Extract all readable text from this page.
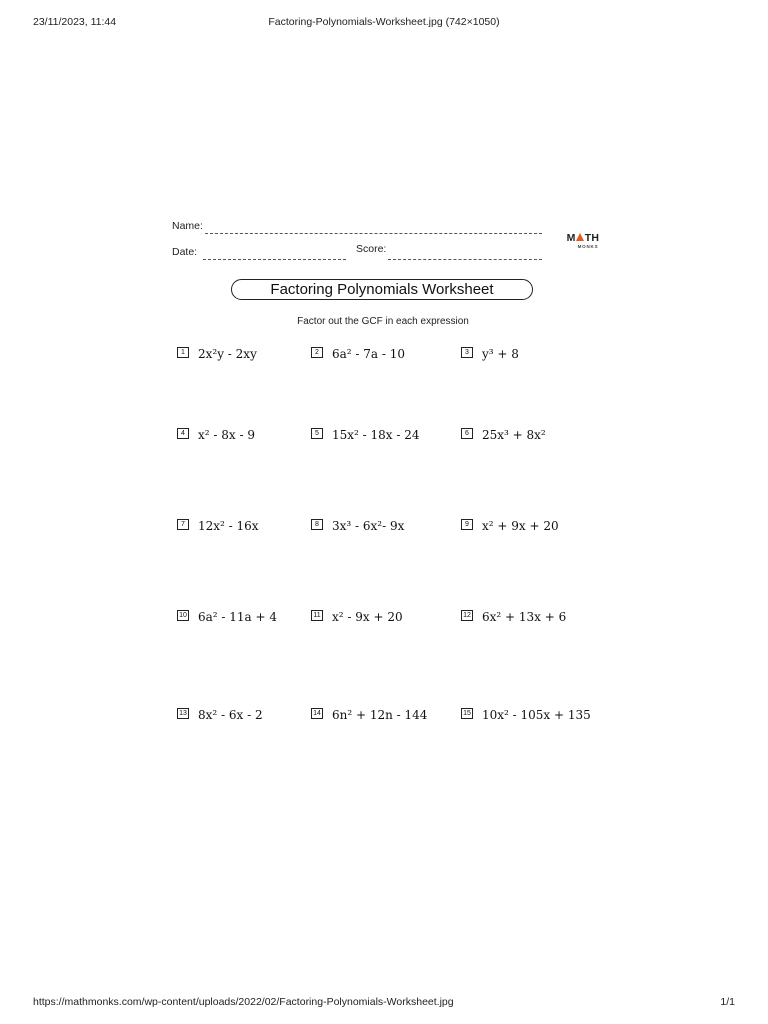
Factoring-Polynomials-Worksheet.jpg (742×1050)
23/11/2023, 11:44
Name:
Date:	Score:
M TH
MONKS
Factoring Polynomials Worksheet
Factor out the GCF in each expression
1 2x²y - 2xy	2 6a² - 7a - 10	3 y³ + 8
4 x² - 8x - 9	5 15x² - 18x - 24	6 25x³ + 8x²
7 12x² - 16x	8 3x³ - 6x²- 9x	9 x² + 9x + 20
10 6a² - 11a + 4	11 x² - 9x + 20	12 6x² + 13x + 6
13 8x² - 6x - 2	14 6n² + 12n - 144	15 10x² - 105x + 135
https://mathmonks.com/wp-content/uploads/2022/02/Factoring-Polynomials-Worksheet.jpg	1/1
